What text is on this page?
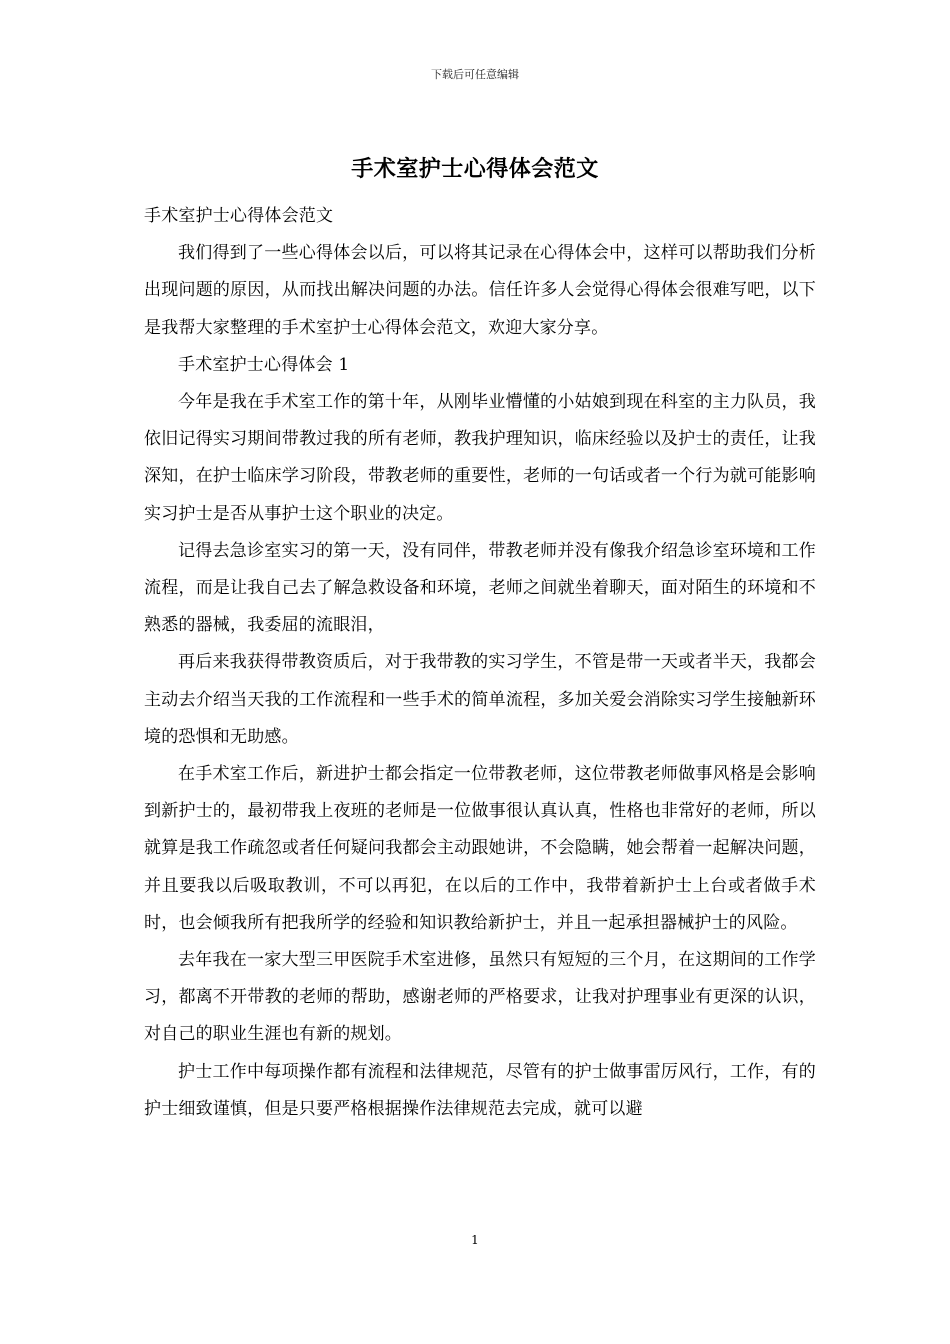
下载后可任意编辑
手术室护士心得体会范文

手术室护士心得体会范文

我们得到了一些心得体会以后，可以将其记录在心得体会中，这样可以帮助我们分析出现问题的原因，从而找出解决问题的办法。信任许多人会觉得心得体会很难写吧，以下是我帮大家整理的手术室护士心得体会范文，欢迎大家分享。

手术室护士心得体会 1

今年是我在手术室工作的第十年，从刚毕业懵懂的小姑娘到现在科室的主力队员，我依旧记得实习期间带教过我的所有老师，教我护理知识，临床经验以及护士的责任，让我深知，在护士临床学习阶段，带教老师的重要性，老师的一句话或者一个行为就可能影响实习护士是否从事护士这个职业的决定。

记得去急诊室实习的第一天，没有同伴，带教老师并没有像我介绍急诊室环境和工作流程，而是让我自己去了解急救设备和环境，老师之间就坐着聊天，面对陌生的环境和不熟悉的器械，我委屈的流眼泪，

再后来我获得带教资质后，对于我带教的实习学生，不管是带一天或者半天，我都会主动去介绍当天我的工作流程和一些手术的简单流程，多加关爱会消除实习学生接触新环境的恐惧和无助感。

在手术室工作后，新进护士都会指定一位带教老师，这位带教老师做事风格是会影响到新护士的，最初带我上夜班的老师是一位做事很认真认真，性格也非常好的老师，所以就算是我工作疏忽或者任何疑问我都会主动跟她讲，不会隐瞒，她会帮着一起解决问题，并且要我以后吸取教训，不可以再犯，在以后的工作中，我带着新护士上台或者做手术时，也会倾我所有把我所学的经验和知识教给新护士，并且一起承担器械护士的风险。

去年我在一家大型三甲医院手术室进修，虽然只有短短的三个月，在这期间的工作学习，都离不开带教的老师的帮助，感谢老师的严格要求，让我对护理事业有更深的认识，对自己的职业生涯也有新的规划。

护士工作中每项操作都有流程和法律规范，尽管有的护士做事雷厉风行，工作，有的护士细致谨慎，但是只要严格根据操作法律规范去完成，就可以避

1
